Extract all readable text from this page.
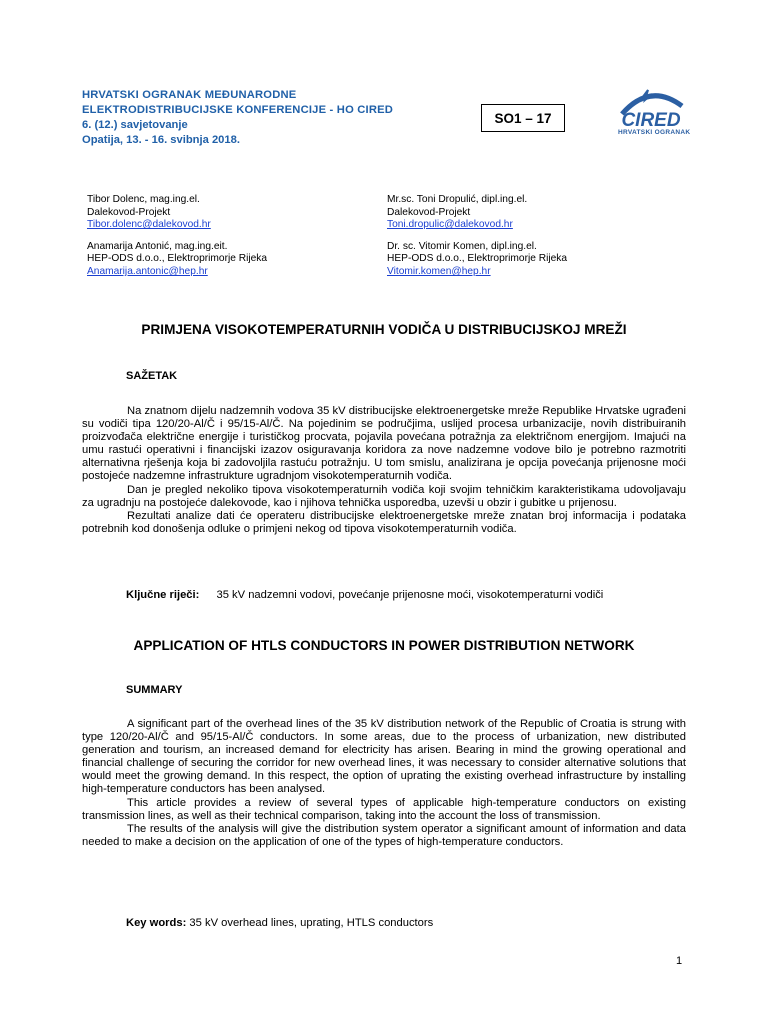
HRVATSKI OGRANAK MEĐUNARODNE
ELEKTRODISTRIBUCIJSKE KONFERENCIJE - HO CIRED
6. (12.) savjetovanje
Opatija, 13. - 16. svibnja 2018.
SO1 – 17	CIRED
HRVATSKI OGRANAK
Tibor Dolenc, mag.ing.el.
Dalekovod-Projekt
Tibor.dolenc@dalekovod.hr
Anamarija Antonić, mag.ing.eit.
HEP-ODS d.o.o., Elektroprimorje Rijeka
Anamarija.antonic@hep.hr
Mr.sc. Toni Dropulić, dipl.ing.el.
Dalekovod-Projekt
Toni.dropulic@dalekovod.hr
Dr. sc. Vitomir Komen, dipl.ing.el.
HEP-ODS d.o.o., Elektroprimorje Rijeka
Vitomir.komen@hep.hr
PRIMJENA VISOKOTEMPERATURNIH VODIČA U DISTRIBUCIJSKOJ MREŽI
SAŽETAK

Na znatnom dijelu nadzemnih vodova 35 kV distribucijske elektroenergetske mreže Republike Hrvatske ugrađeni su vodiči tipa 120/20-Al/Č i 95/15-Al/Č. Na pojedinim se područjima, uslijed procesa urbanizacije, novih distribuiranih proizvođača električne energije i turističkog procvata, pojavila povećana potražnja za električnom energijom. Imajući na umu rastući operativni i financijski izazov osiguravanja koridora za nove nadzemne vodove bilo je potrebno razmotriti alternativna rješenja koja bi zadovoljila rastuću potražnju. U tom smislu, analizirana je opcija povećanja prijenosne moći postojeće nadzemne infrastrukture ugradnjom visokotemperaturnih vodiča.

Dan je pregled nekoliko tipova visokotemperaturnih vodiča koji svojim tehničkim karakteristikama udovoljavaju za ugradnju na postojeće dalekovode, kao i njihova tehnička usporedba, uzevši u obzir i gubitke u prijenosu.

Rezultati analize dati će operateru distribucijske elektroenergetske mreže znatan broj informacija i podataka potrebnih kod donošenja odluke o primjeni nekog od tipova visokotemperaturnih vodiča.

Ključne riječi: 35 kV nadzemni vodovi, povećanje prijenosne moći, visokotemperaturni vodiči
APPLICATION OF HTLS CONDUCTORS IN POWER DISTRIBUTION NETWORK
SUMMARY

A significant part of the overhead lines of the 35 kV distribution network of the Republic of Croatia is strung with type 120/20-Al/Č and 95/15-Al/Č conductors. In some areas, due to the process of urbanization, new distributed generation and tourism, an increased demand for electricity has arisen. Bearing in mind the growing operational and financial challenge of securing the corridor for new overhead lines, it was necessary to consider alternative solutions that would meet the growing demand. In this respect, the option of uprating the existing overhead infrastructure by installing high-temperature conductors has been analysed.

This article provides a review of several types of applicable high-temperature conductors on existing transmission lines, as well as their technical comparison, taking into the account the loss of transmission.

The results of the analysis will give the distribution system operator a significant amount of information and data needed to make a decision on the application of one of the types of high-temperature conductors.

Key words: 35 kV overhead lines, uprating, HTLS conductors
1
